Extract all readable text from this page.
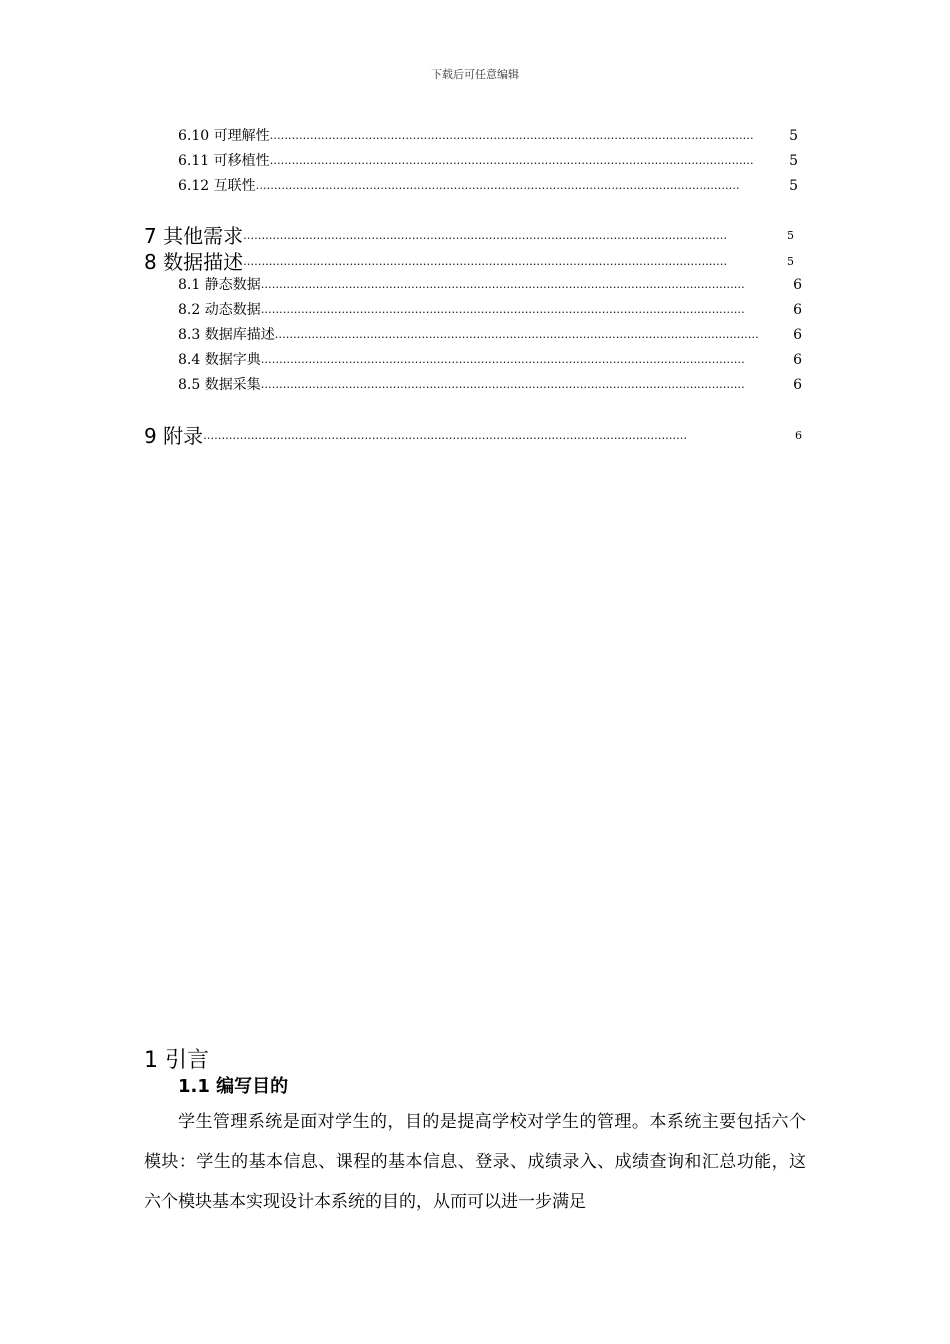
下载后可任意编辑
6.10 可理解性 ……………………………………………………………………………………………………………………	5
6.11 可移植性 ……………………………………………………………………………………………………………………	5
6.12 互联性 ……………………………………………………………………………………………………………………	5
7 其他需求 ……………………………………………………………………………………………………………………	5
8 数据描述 ……………………………………………………………………………………………………………………	5
8.1 静态数据 ……………………………………………………………………………………………………………………	6
8.2 动态数据 ……………………………………………………………………………………………………………………	6
8.3 数据库描述 ……………………………………………………………………………………………………………………	6
8.4 数据字典 ……………………………………………………………………………………………………………………	6
8.5 数据采集 ……………………………………………………………………………………………………………………	6
9 附录 ……………………………………………………………………………………………………………………	6
1 引言
1.1 编写目的
学生管理系统是面对学生的，目的是提高学校对学生的管理。本系统主要包括六个模块：学生的基本信息、课程的基本信息、登录、成绩录入、成绩查询和汇总功能，这六个模块基本实现设计本系统的目的，从而可以进一步满足
